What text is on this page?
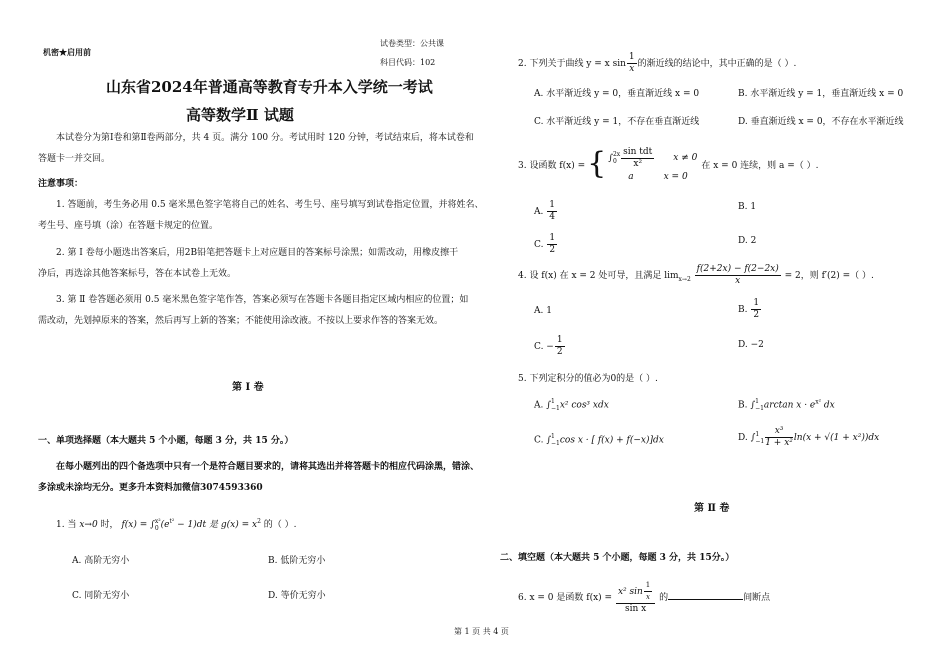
机密★启用前
试卷类型：公共课
科目代码：102
山东省2024年普通高等教育专升本入学统一考试
高等数学Ⅱ 试题
本试卷分为第Ⅰ卷和第Ⅱ卷两部分，共 4 页。满分 100 分。考试用时 120 分钟，考试结束后，将本试卷和
答题卡一并交回。
注意事项：
1. 答题前，考生务必用 0.5 毫米黑色签字笔将自己的姓名、考生号、座号填写到试卷指定位置，并将姓名、
考生号、座号填（涂）在答题卡规定的位置。
2. 第 Ⅰ 卷每小题选出答案后，用2B铅笔把答题卡上对应题目的答案标号涂黑；如需改动，用橡皮擦干
净后，再选涂其他答案标号，答在本试卷上无效。
3. 第 Ⅱ 卷答题必须用 0.5 毫米黑色签字笔作答，答案必须写在答题卡各题目指定区域内相应的位置；如
需改动，先划掉原来的答案，然后再写上新的答案；不能使用涂改液。不按以上要求作答的答案无效。
第 Ⅰ 卷
一、单项选择题（本大题共 5 个小题，每题 3 分，共 15 分。）
在每小题列出的四个备选项中只有一个是符合题目要求的，请将其选出并将答题卡的相应代码涂黑，错涂、
多涂或未涂均无分。更多升本资料加微信3074593360
1. 当 x→0 时， f(x) = ∫ x²
0 $(e^{t^2} - 1)dt$ 是 $g(x) = x^2$ 的（ ）.
A. 高阶无穷小	B. 低阶无穷小
C. 同阶无穷小	D. 等价无穷小
2. 下列关于曲线 y = x $\sin \frac{1}{x}$ 的渐近线的结论中，其中正确的是（ ）.
A. 水平渐近线 y = 0，垂直渐近线 x = 0	B. 水平渐近线 y = 1，垂直渐近线 x = 0
C. 水平渐近线 y = 1，不存在垂直渐近线	D. 垂直渐近线 x = 0，不存在水平渐近线
3. 设函数 f(x) = { ∫ 2x
$0 \frac{\text{sin tdt}}{\text{x²}}$ x ≠ 0
a	x = 0
在 x = 0 连续，则 a =（ ）.
A. $\frac{1}{4}$	B. 1
C. $\frac{1}{2}$	D. 2
4. 设 f(x) 在 x = 2 处可导，且满足 $\lim_{x\to 2} \frac{f(2+2x) - f(2-2x)}{x} = 2$，则 f′(2) =（ ）.
A. 1	B. $\frac{1}{2}$
C. − $\frac{1}{2}$	D. −2
5. 下列定积分的值必为0的是（ ）.
A. ∫ 1
−1 x² cos³ xdx	B. ∫ 1
−1 $\arctan x \cdot e^{x^2}$ dx
C. ∫ 1
−1 cos x · [ f(x) + f(−x)]dx	D. ∫ 1
$-1 \frac{\text{x³}}{\text{1 + x²}} \ln(x + √(1 + x^2))dx$
第 Ⅱ 卷
二、填空题（本大题共 5 个小题，每题 3 分，共 15分。）
6. x = 0 是函数 $f(x) = \frac{x^2 \sin \frac{1}{x}}{\text{sin x}}$ 的	间断点
第 1 页 共 4 页
